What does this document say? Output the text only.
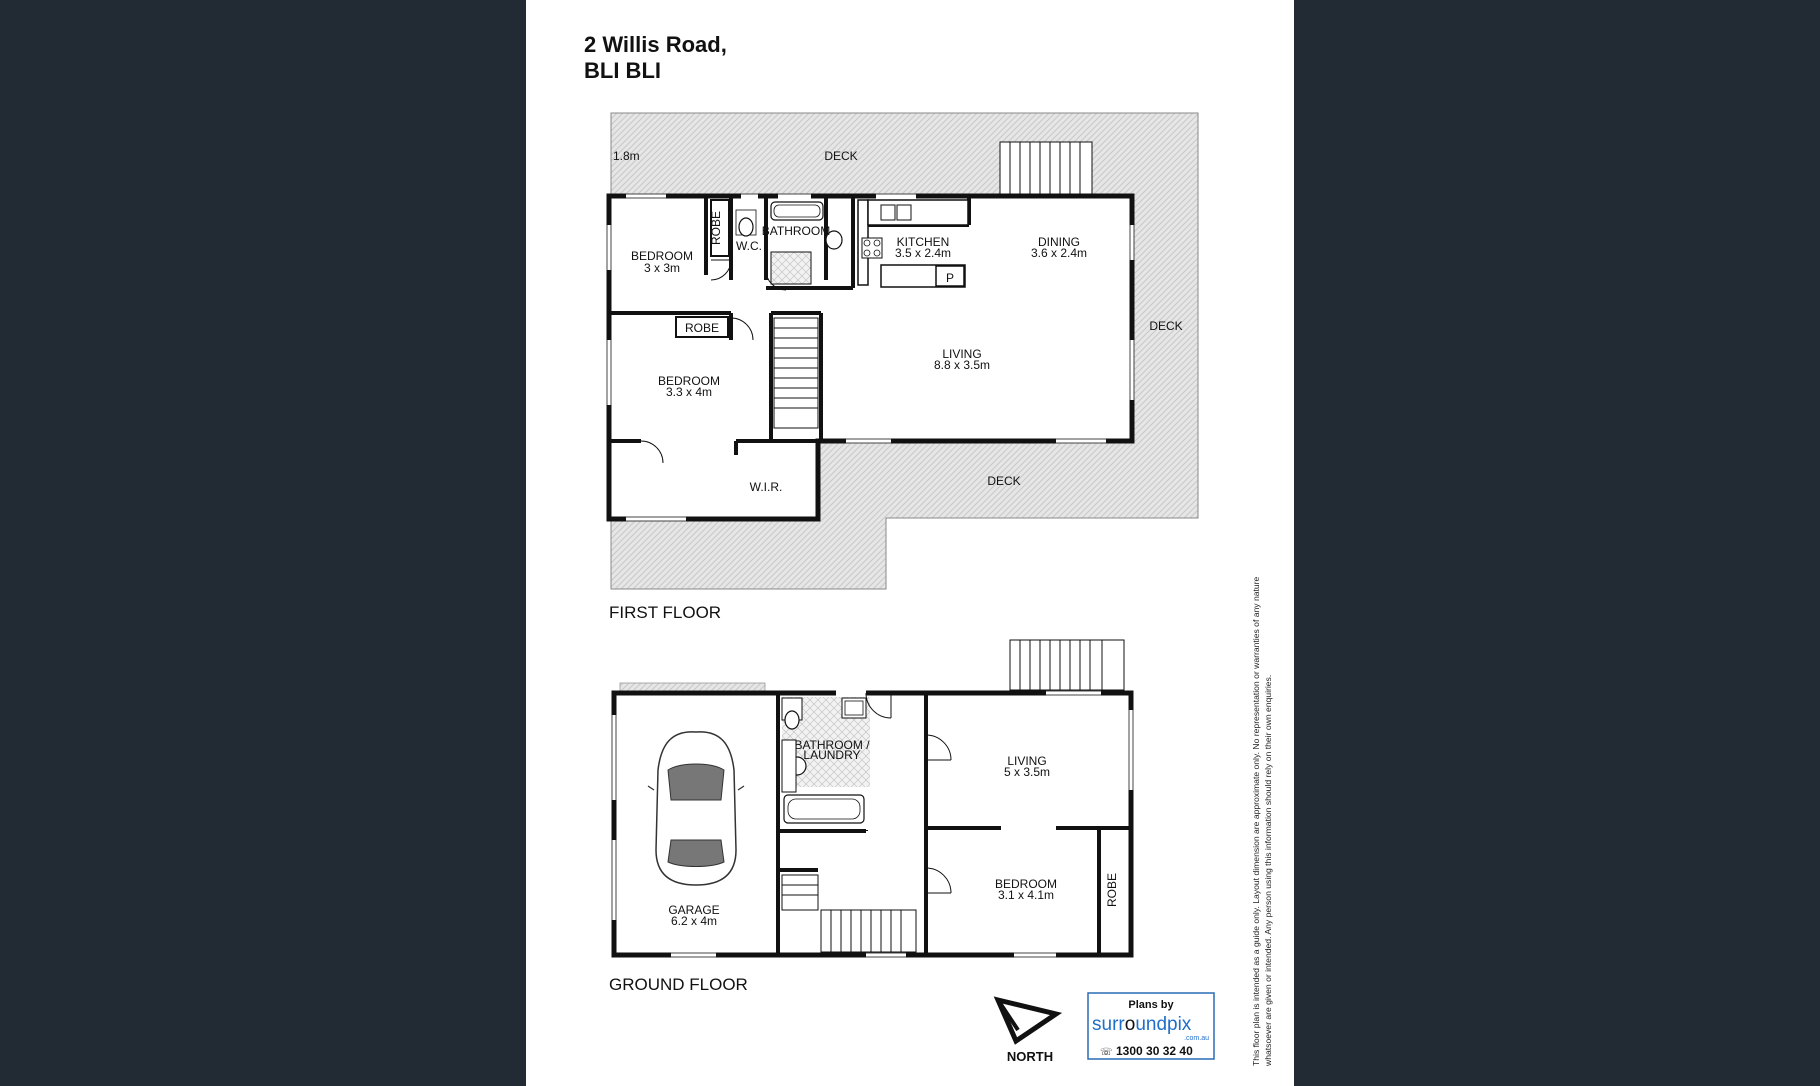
2 Willis Road,
BLI BLI
1.8m	DECK
BEDROOM
3 x 3m
ROBE
W.C.
BATHROOM
KITCHEN
3.5 x 2.4m
P
DINING
3.6 x 2.4m
DECK
ROBE
BEDROOM
3.3 x 4m
LIVING
8.8 x 3.5m
W.I.R.	DECK
FIRST FLOOR
GARAGE
6.2 x 4m
BATHROOM /
LAUNDRY	LIVING
5 x 3.5m
BEDROOM
3.1 x 4.1m	ROBE
GROUND FLOOR
NORTH
Plans by
surroundpix
.com.au
☏ 1300 30 32 40	This floor plan is intended as a guide only. Layout dimension are approximate only. No representation or warranties of any nature whatsoever are given or intended. Any person using this information should rely on their own enquiries.
